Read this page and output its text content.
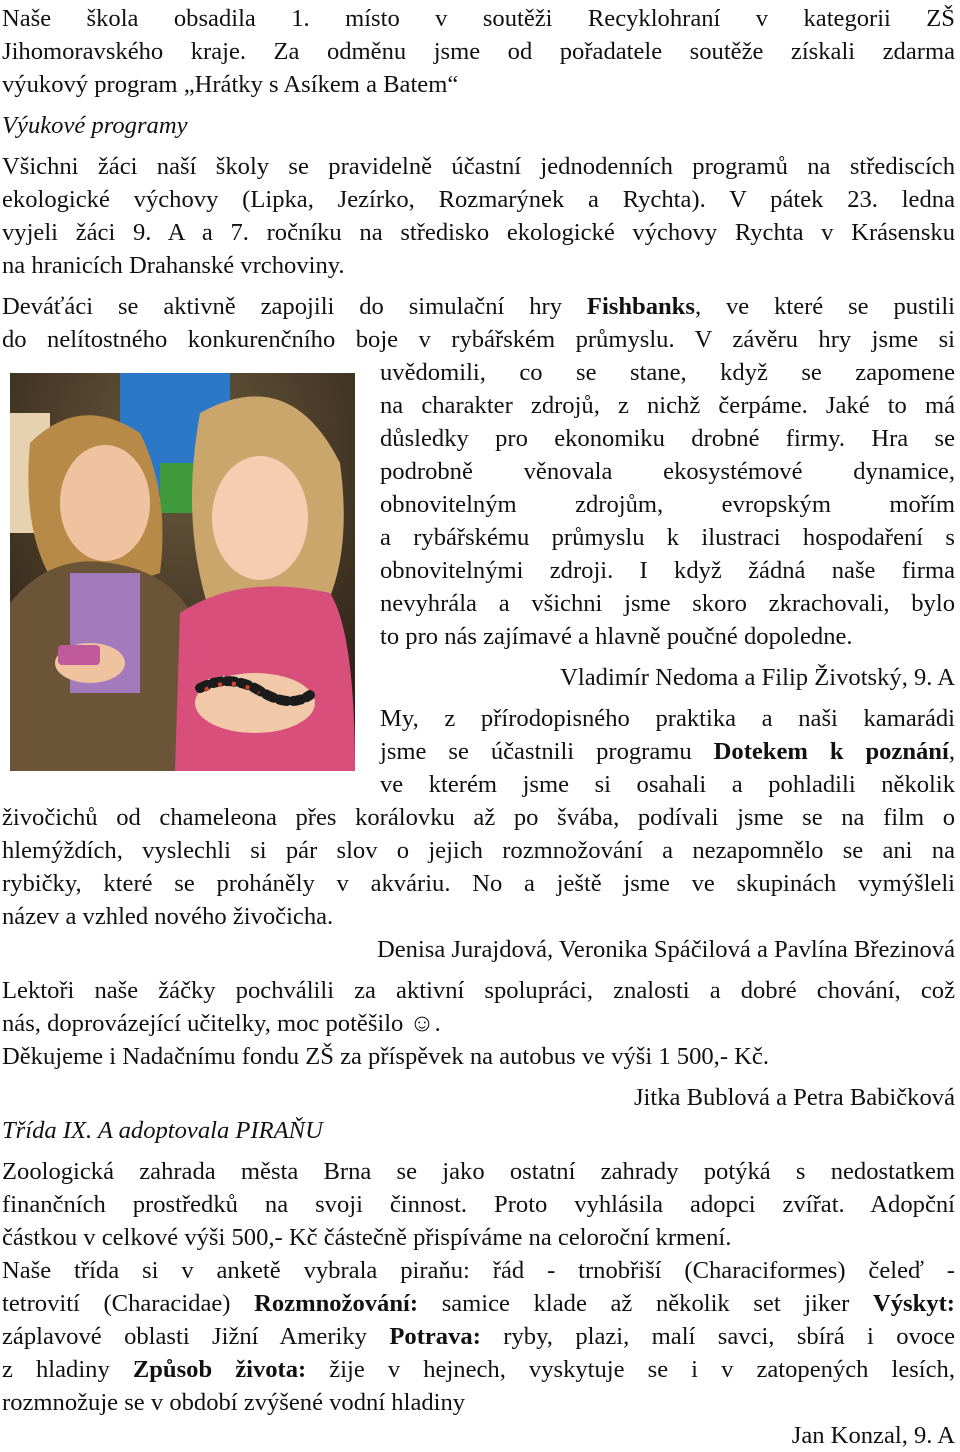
Naše škola obsadila 1. místo v soutěži Recyklohraní v kategorii ZŠ
Jihomoravského kraje. Za odměnu jsme od pořadatele soutěže získali zdarma
výukový program „Hrátky s Asíkem a Batem“
Výukové programy
Všichni žáci naší školy se pravidelně účastní jednodenních programů na střediscích
ekologické výchovy (Lipka, Jezírko, Rozmarýnek a Rychta). V pátek 23. ledna
vyjeli žáci 9. A a 7. ročníku na středisko ekologické výchovy Rychta v Krásensku
na hranicích Drahanské vrchoviny.
Deváťáci se aktivně zapojili do simulační hry Fishbanks, ve které se pustili
do nelítostného konkurenčního boje v rybářském průmyslu. V závěru hry jsme si
uvědomili, co se stane, když se zapomene
na charakter zdrojů, z nichž čerpáme. Jaké to má
důsledky pro ekonomiku drobné firmy. Hra se
podrobně věnovala ekosystémové dynamice,
obnovitelným zdrojům, evropským mořím
a rybářskému průmyslu k ilustraci hospodaření s
obnovitelnými zdroji. I když žádná naše firma
nevyhrála a všichni jsme skoro zkrachovali, bylo
to pro nás zajímavé a hlavně poučné dopoledne.
Vladimír Nedoma a Filip Životský, 9. A
My, z přírodopisného praktika a naši kamarádi
jsme se účastnili programu Dotekem k poznání,
ve kterém jsme si osahali a pohladili několik
živočichů od chameleona přes korálovku až po švába, podívali jsme se na film o
hlemýždích, vyslechli si pár slov o jejich rozmnožování a nezapomnělo se ani na
rybičky, které se proháněly v akváriu. No a ještě jsme ve skupinách vymýšleli
název a vzhled nového živočicha.
Denisa Jurajdová, Veronika Spáčilová a Pavlína Březinová
Lektoři naše žáčky pochválili za aktivní spolupráci, znalosti a dobré chování, což
nás, doprovázející učitelky, moc potěšilo ☺.
Děkujeme i Nadačnímu fondu ZŠ za příspěvek na autobus ve výši 1 500,- Kč.
Jitka Bublová a Petra Babičková
Třída IX. A adoptovala PIRAŇU
Zoologická zahrada města Brna se jako ostatní zahrady potýká s nedostatkem
finančních prostředků na svoji činnost. Proto vyhlásila adopci zvířat. Adopční
částkou v celkové výši 500,- Kč částečně přispíváme na celoroční krmení.
Naše třída si v anketě vybrala piraňu: řád - trnobřiší (Characiformes) čeleď -
tetrovití (Characidae) Rozmnožování: samice klade až několik set jiker Výskyt:
záplavové oblasti Jižní Ameriky Potrava: ryby, plazi, malí savci, sbírá i ovoce
z hladiny Způsob života: žije v hejnech, vyskytuje se i v zatopených lesích,
rozmnožuje se v období zvýšené vodní hladiny
Jan Konzal, 9. A
